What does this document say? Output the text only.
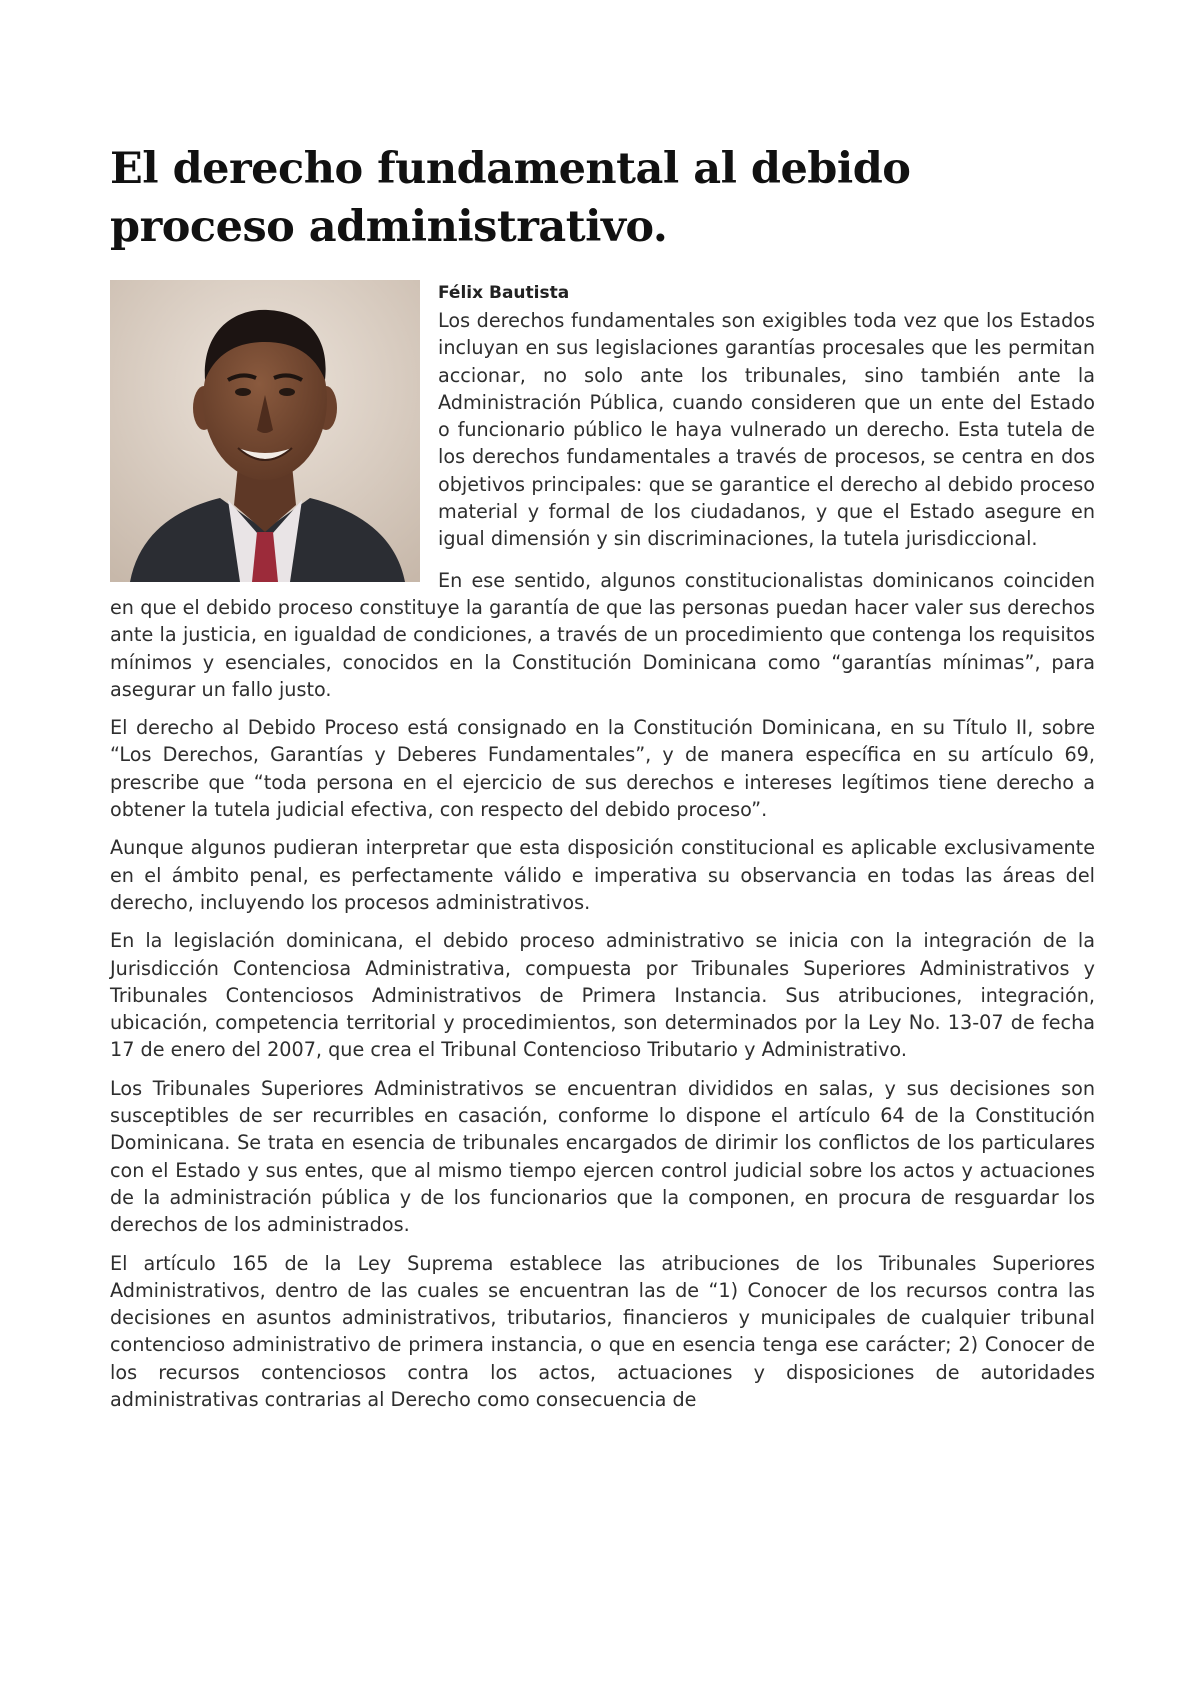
El derecho fundamental al debido proceso administrativo.
Félix Bautista

Los derechos fundamentales son exigibles toda vez que los Estados incluyan en sus legislaciones garantías procesales que les permitan accionar, no solo ante los tribunales, sino también ante la Administración Pública, cuando consideren que un ente del Estado o funcionario público le haya vulnerado un derecho. Esta tutela de los derechos fundamentales a través de procesos, se centra en dos objetivos principales: que se garantice el derecho al debido proceso material y formal de los ciudadanos, y que el Estado asegure en igual dimensión y sin discriminaciones, la tutela jurisdiccional.

En ese sentido, algunos constitucionalistas dominicanos coinciden en que el debido proceso constituye la garantía de que las personas puedan hacer valer sus derechos ante la justicia, en igualdad de condiciones, a través de un procedimiento que contenga los requisitos mínimos y esenciales, conocidos en la Constitución Dominicana como “garantías mínimas”, para asegurar un fallo justo.

El derecho al Debido Proceso está consignado en la Constitución Dominicana, en su Título II, sobre “Los Derechos, Garantías y Deberes Fundamentales”, y de manera específica en su artículo 69, prescribe que “toda persona en el ejercicio de sus derechos e intereses legítimos tiene derecho a obtener la tutela judicial efectiva, con respecto del debido proceso”.

Aunque algunos pudieran interpretar que esta disposición constitucional es aplicable exclusivamente en el ámbito penal, es perfectamente válido e imperativa su observancia en todas las áreas del derecho, incluyendo los procesos administrativos.

En la legislación dominicana, el debido proceso administrativo se inicia con la integración de la Jurisdicción Contenciosa Administrativa, compuesta por Tribunales Superiores Administrativos y Tribunales Contenciosos Administrativos de Primera Instancia. Sus atribuciones, integración, ubicación, competencia territorial y procedimientos, son determinados por la Ley No. 13-07 de fecha 17 de enero del 2007, que crea el Tribunal Contencioso Tributario y Administrativo.

Los Tribunales Superiores Administrativos se encuentran divididos en salas, y sus decisiones son susceptibles de ser recurribles en casación, conforme lo dispone el artículo 64 de la Constitución Dominicana. Se trata en esencia de tribunales encargados de dirimir los conflictos de los particulares con el Estado y sus entes, que al mismo tiempo ejercen control judicial sobre los actos y actuaciones de la administración pública y de los funcionarios que la componen, en procura de resguardar los derechos de los administrados.

El artículo 165 de la Ley Suprema establece las atribuciones de los Tribunales Superiores Administrativos, dentro de las cuales se encuentran las de “1) Conocer de los recursos contra las decisiones en asuntos administrativos, tributarios, financieros y municipales de cualquier tribunal contencioso administrativo de primera instancia, o que en esencia tenga ese carácter; 2) Conocer de los recursos contenciosos contra los actos, actuaciones y disposiciones de autoridades administrativas contrarias al Derecho como consecuencia de
